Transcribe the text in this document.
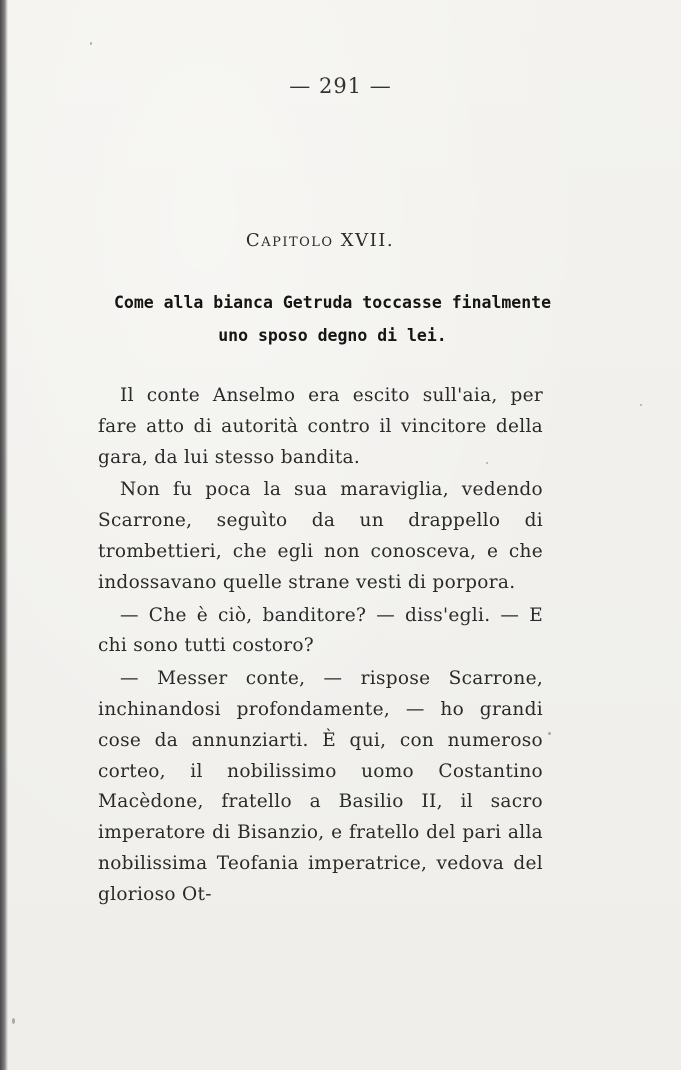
— 291 —
Capitolo XVII.
Come alla bianca Getruda toccasse finalmente
uno sposo degno di lei.

Il conte Anselmo era escito sull'aia, per fare atto di autorità contro il vincitore della gara, da lui stesso bandita.

Non fu poca la sua maraviglia, vedendo Scarrone, seguìto da un drappello di trombettieri, che egli non conosceva, e che indossavano quelle strane vesti di porpora.

— Che è ciò, banditore? — diss'egli. — E chi sono tutti costoro?

— Messer conte, — rispose Scarrone, inchinandosi profondamente, — ho grandi cose da annunziarti. È qui, con numeroso corteo, il nobilissimo uomo Costantino Macèdone, fratello a Basilio II, il sacro imperatore di Bisanzio, e fratello del pari alla nobilissima Teofania imperatrice, vedova del glorioso Ot-
